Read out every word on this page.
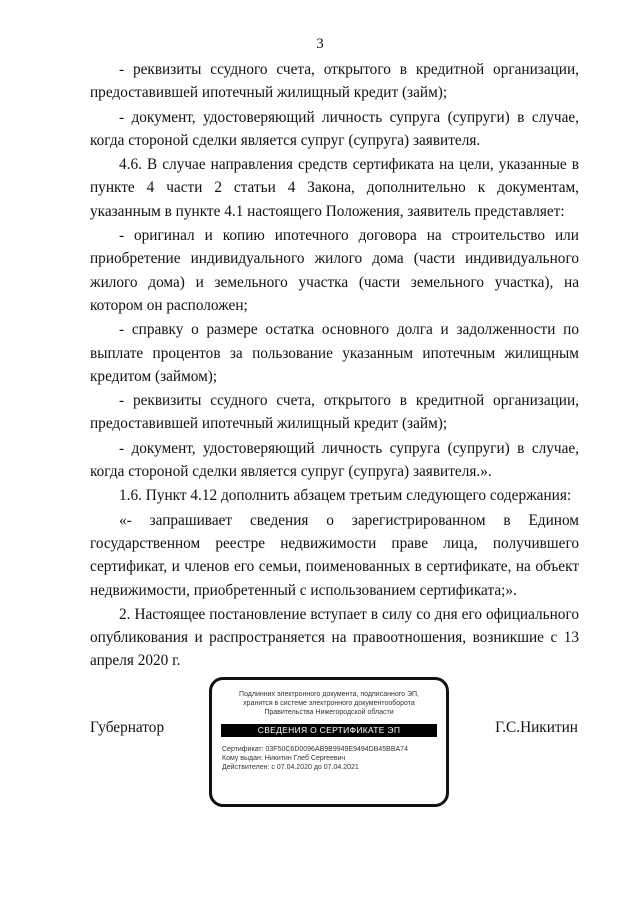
3

- реквизиты ссудного счета, открытого в кредитной организации, предоставившей ипотечный жилищный кредит (займ);

- документ, удостоверяющий личность супруга (супруги) в случае, когда стороной сделки является супруг (супруга) заявителя.

4.6. В случае направления средств сертификата на цели, указанные в пункте 4 части 2 статьи 4 Закона, дополнительно к документам, указанным в пункте 4.1 настоящего Положения, заявитель представляет:

- оригинал и копию ипотечного договора на строительство или приобретение индивидуального жилого дома (части индивидуального жилого дома) и земельного участка (части земельного участка), на котором он расположен;

- справку о размере остатка основного долга и задолженности по выплате процентов за пользование указанным ипотечным жилищным кредитом (займом);

- реквизиты ссудного счета, открытого в кредитной организации, предоставившей ипотечный жилищный кредит (займ);

- документ, удостоверяющий личность супруга (супруги) в случае, когда стороной сделки является супруг (супруга) заявителя.».

1.6. Пункт 4.12 дополнить абзацем третьим следующего содержания:

«- запрашивает сведения о зарегистрированном в Едином государственном реестре недвижимости праве лица, получившего сертификат, и членов его семьи, поименованных в сертификате, на объект недвижимости, приобретенный с использованием сертификата;».

2. Настоящее постановление вступает в силу со дня его официального опубликования и распространяется на правоотношения, возникшие с 13 апреля 2020 г.

Губернатор
Подлинних электронного документа, подписанного ЭП,
хранится в системе электронного документооборота
Правительства Нижегородской области
СВЕДЕНИЯ О СЕРТИФИКАТЕ ЭП
Сертификат: 03F50C6D0096AB9B9949E9494DB45BBA74
Кому выдан: Никитин Глеб Сергеевич
Действителен: с 07.04.2020 до 07.04.2021
Г.С.Никитин
